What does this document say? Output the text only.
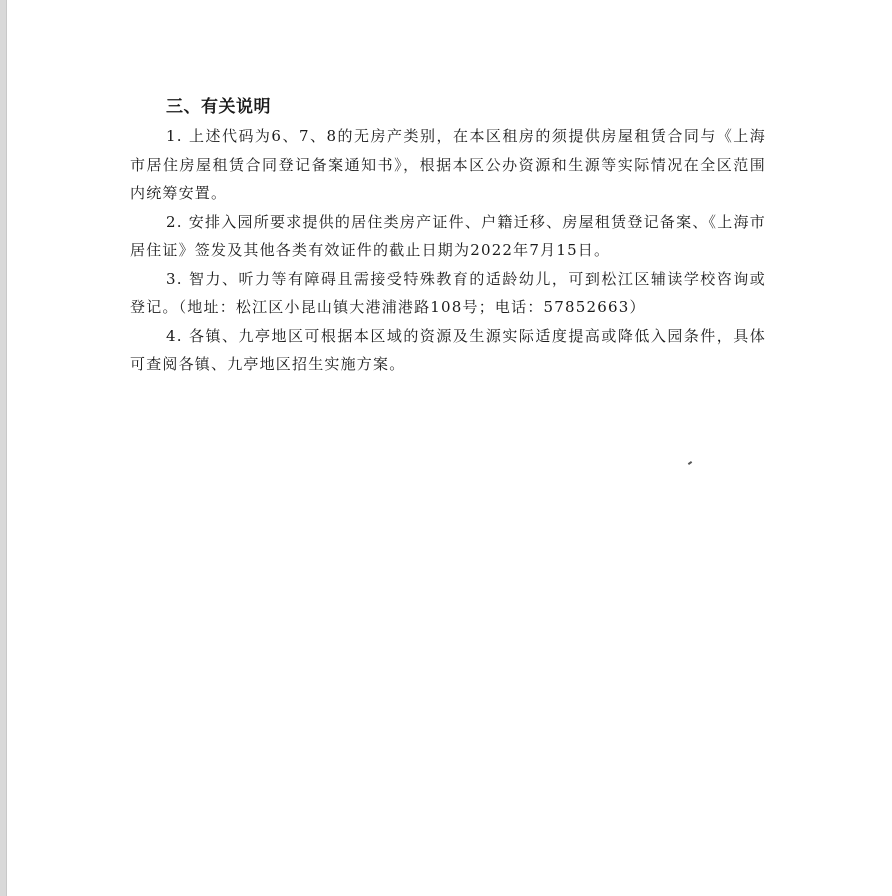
三、有关说明

1. 上述代码为6、7、8的无房产类别，在本区租房的须提供房屋租赁合同与《上海市居住房屋租赁合同登记备案通知书》，根据本区公办资源和生源等实际情况在全区范围内统筹安置。

2. 安排入园所要求提供的居住类房产证件、户籍迁移、房屋租赁登记备案、《上海市居住证》签发及其他各类有效证件的截止日期为2022年7月15日。

3. 智力、听力等有障碍且需接受特殊教育的适龄幼儿，可到松江区辅读学校咨询或登记。（地址：松江区小昆山镇大港浦港路108号；电话：57852663）

4. 各镇、九亭地区可根据本区域的资源及生源实际适度提高或降低入园条件，具体可查阅各镇、九亭地区招生实施方案。
